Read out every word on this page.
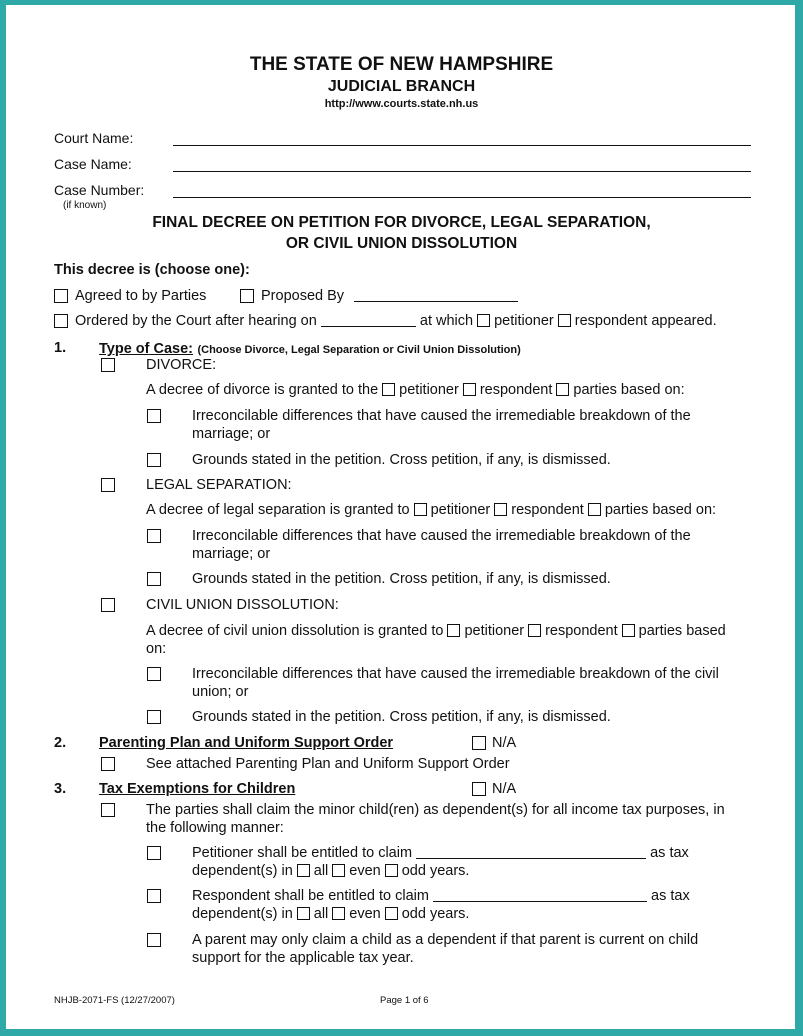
THE STATE OF NEW HAMPSHIRE
JUDICIAL BRANCH
http://www.courts.state.nh.us
Court Name:
Case Name:
Case Number:
(if known)
FINAL DECREE ON PETITION FOR DIVORCE, LEGAL SEPARATION,
OR CIVIL UNION DISSOLUTION
This decree is (choose one):
Agreed to by Parties	Proposed By
Ordered by the Court after hearing on	at which petitioner respondent appeared.
1. Type of Case: (Choose Divorce, Legal Separation or Civil Union Dissolution)
DIVORCE:
A decree of divorce is granted to the petitioner respondent parties based on:
Irreconcilable differences that have caused the irremediable breakdown of the
marriage; or
Grounds stated in the petition. Cross petition, if any, is dismissed.
LEGAL SEPARATION:
A decree of legal separation is granted to petitioner respondent parties based on:
Irreconcilable differences that have caused the irremediable breakdown of the
marriage; or
Grounds stated in the petition. Cross petition, if any, is dismissed.
CIVIL UNION DISSOLUTION:
A decree of civil union dissolution is granted to petitioner respondent parties based
on:
Irreconcilable differences that have caused the irremediable breakdown of the civil
union; or
Grounds stated in the petition. Cross petition, if any, is dismissed.
2. Parenting Plan and Uniform Support Order	N/A
See attached Parenting Plan and Uniform Support Order
3. Tax Exemptions for Children	N/A
The parties shall claim the minor child(ren) as dependent(s) for all income tax purposes, in
the following manner:
Petitioner shall be entitled to claim	as tax
dependent(s) in all even odd years.
Respondent shall be entitled to claim	as tax
dependent(s) in all even odd years.
A parent may only claim a child as a dependent if that parent is current on child
support for the applicable tax year.
NHJB-2071-FS (12/27/2007)	Page 1 of 6
